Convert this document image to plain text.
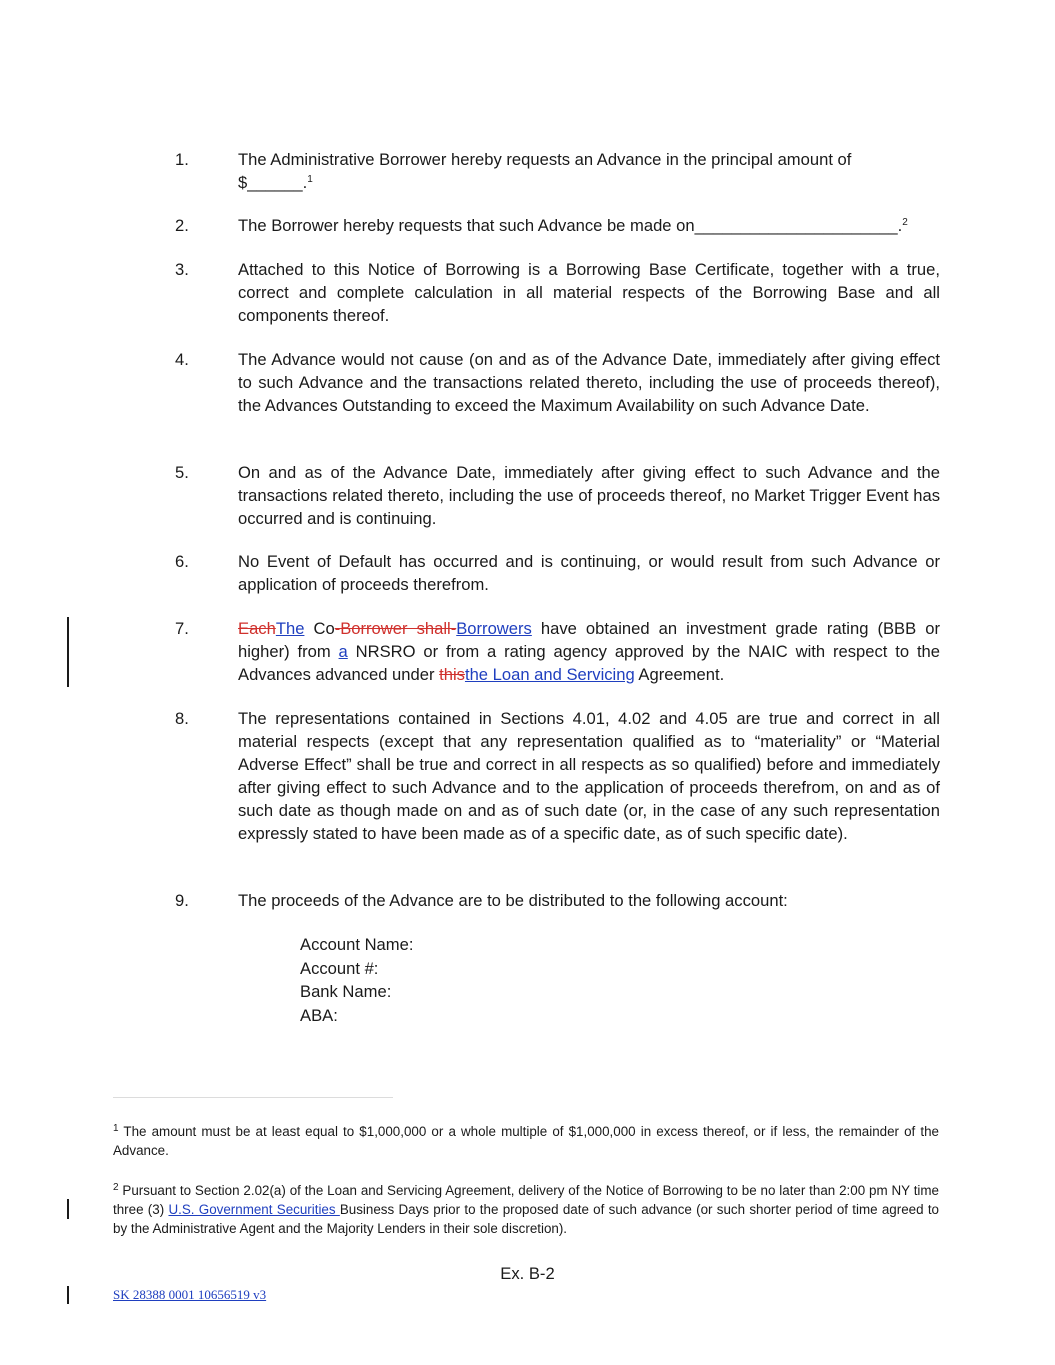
1.	The Administrative Borrower hereby requests an Advance in the principal amount of $______.$^1$
2.	The Borrower hereby requests that such Advance be made on______________________.$^2$
3.	Attached to this Notice of Borrowing is a Borrowing Base Certificate, together with a true, correct and complete calculation in all material respects of the Borrowing Base and all components thereof.
4.	The Advance would not cause (on and as of the Advance Date, immediately after giving effect to such Advance and the transactions related thereto, including the use of proceeds thereof), the Advances Outstanding to exceed the Maximum Availability on such Advance Date.
5.	On and as of the Advance Date, immediately after giving effect to such Advance and the transactions related thereto, including the use of proceeds thereof, no Market Trigger Event has occurred and is continuing.
6.	No Event of Default has occurred and is continuing, or would result from such Advance or application of proceeds therefrom.
7.	EachThe Co-Borrower shall-Borrowers have obtained an investment grade rating (BBB or higher) from a NRSRO or from a rating agency approved by the NAIC with respect to the Advances advanced under thisthe Loan and Servicing Agreement.
8.	The representations contained in Sections 4.01, 4.02 and 4.05 are true and correct in all material respects (except that any representation qualified as to “materiality” or “Material Adverse Effect” shall be true and correct in all respects as so qualified) before and immediately after giving effect to such Advance and to the application of proceeds therefrom, on and as of such date as though made on and as of such date (or, in the case of any such representation expressly stated to have been made as of a specific date, as of such specific date).
9.	The proceeds of the Advance are to be distributed to the following account:
Account Name:
Account #:
Bank Name:
ABA:
$^1$ The amount must be at least equal to $1,000,000 or a whole multiple of $1,000,000 in excess thereof, or if less, the remainder of the Advance.
$^2$ Pursuant to Section 2.02(a) of the Loan and Servicing Agreement, delivery of the Notice of Borrowing to be no later than 2:00 pm NY time three (3) U.S. Government Securities Business Days prior to the proposed date of such advance (or such shorter period of time agreed to by the Administrative Agent and the Majority Lenders in their sole discretion).
Ex. B-2
SK 28388 0001 10656519 v3
